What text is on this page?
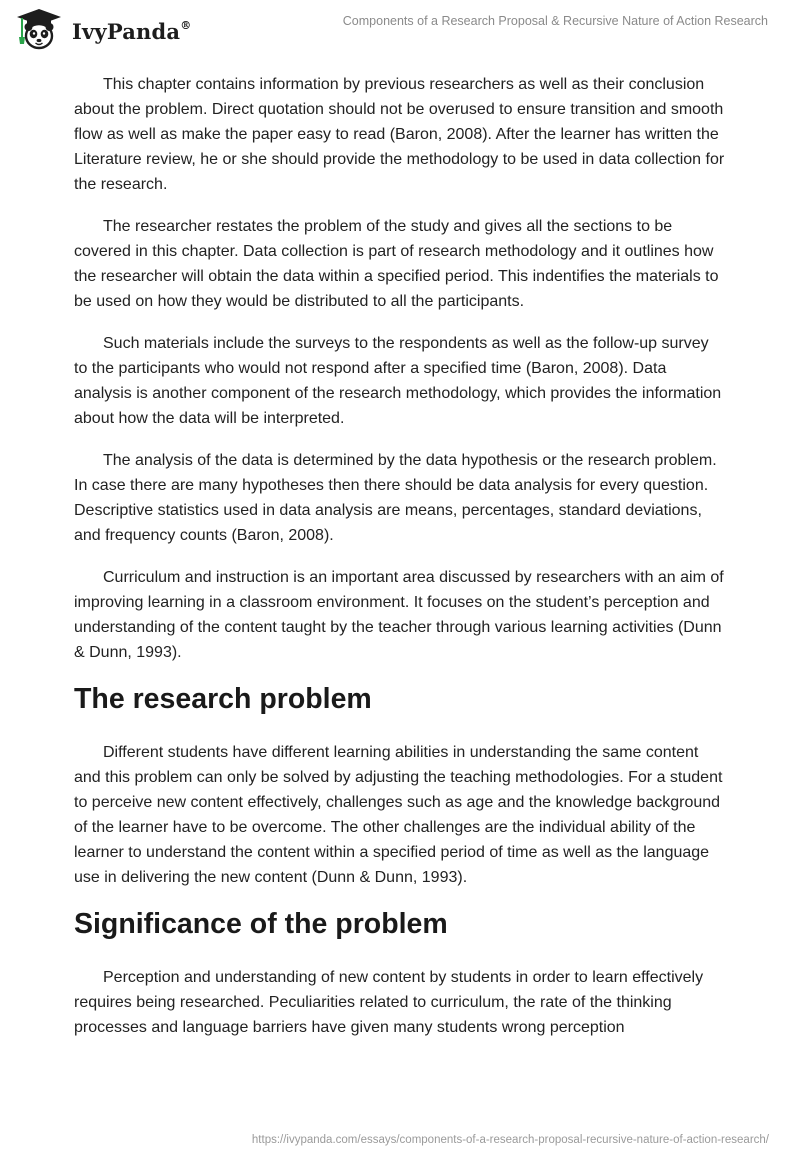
IvyPanda®	Components of a Research Proposal & Recursive Nature of Action Research

This chapter contains information by previous researchers as well as their conclusion about the problem. Direct quotation should not be overused to ensure transition and smooth flow as well as make the paper easy to read (Baron, 2008). After the learner has written the Literature review, he or she should provide the methodology to be used in data collection for the research.

The researcher restates the problem of the study and gives all the sections to be covered in this chapter. Data collection is part of research methodology and it outlines how the researcher will obtain the data within a specified period. This indentifies the materials to be used on how they would be distributed to all the participants.

Such materials include the surveys to the respondents as well as the follow-up survey to the participants who would not respond after a specified time (Baron, 2008). Data analysis is another component of the research methodology, which provides the information about how the data will be interpreted.

The analysis of the data is determined by the data hypothesis or the research problem. In case there are many hypotheses then there should be data analysis for every question. Descriptive statistics used in data analysis are means, percentages, standard deviations, and frequency counts (Baron, 2008).

Curriculum and instruction is an important area discussed by researchers with an aim of improving learning in a classroom environment. It focuses on the student’s perception and understanding of the content taught by the teacher through various learning activities (Dunn & Dunn, 1993).

The research problem

Different students have different learning abilities in understanding the same content and this problem can only be solved by adjusting the teaching methodologies. For a student to perceive new content effectively, challenges such as age and the knowledge background of the learner have to be overcome. The other challenges are the individual ability of the learner to understand the content within a specified period of time as well as the language use in delivering the new content (Dunn & Dunn, 1993).

Significance of the problem

Perception and understanding of new content by students in order to learn effectively requires being researched. Peculiarities related to curriculum, the rate of the thinking processes and language barriers have given many students wrong perception

https://ivypanda.com/essays/components-of-a-research-proposal-recursive-nature-of-action-research/
